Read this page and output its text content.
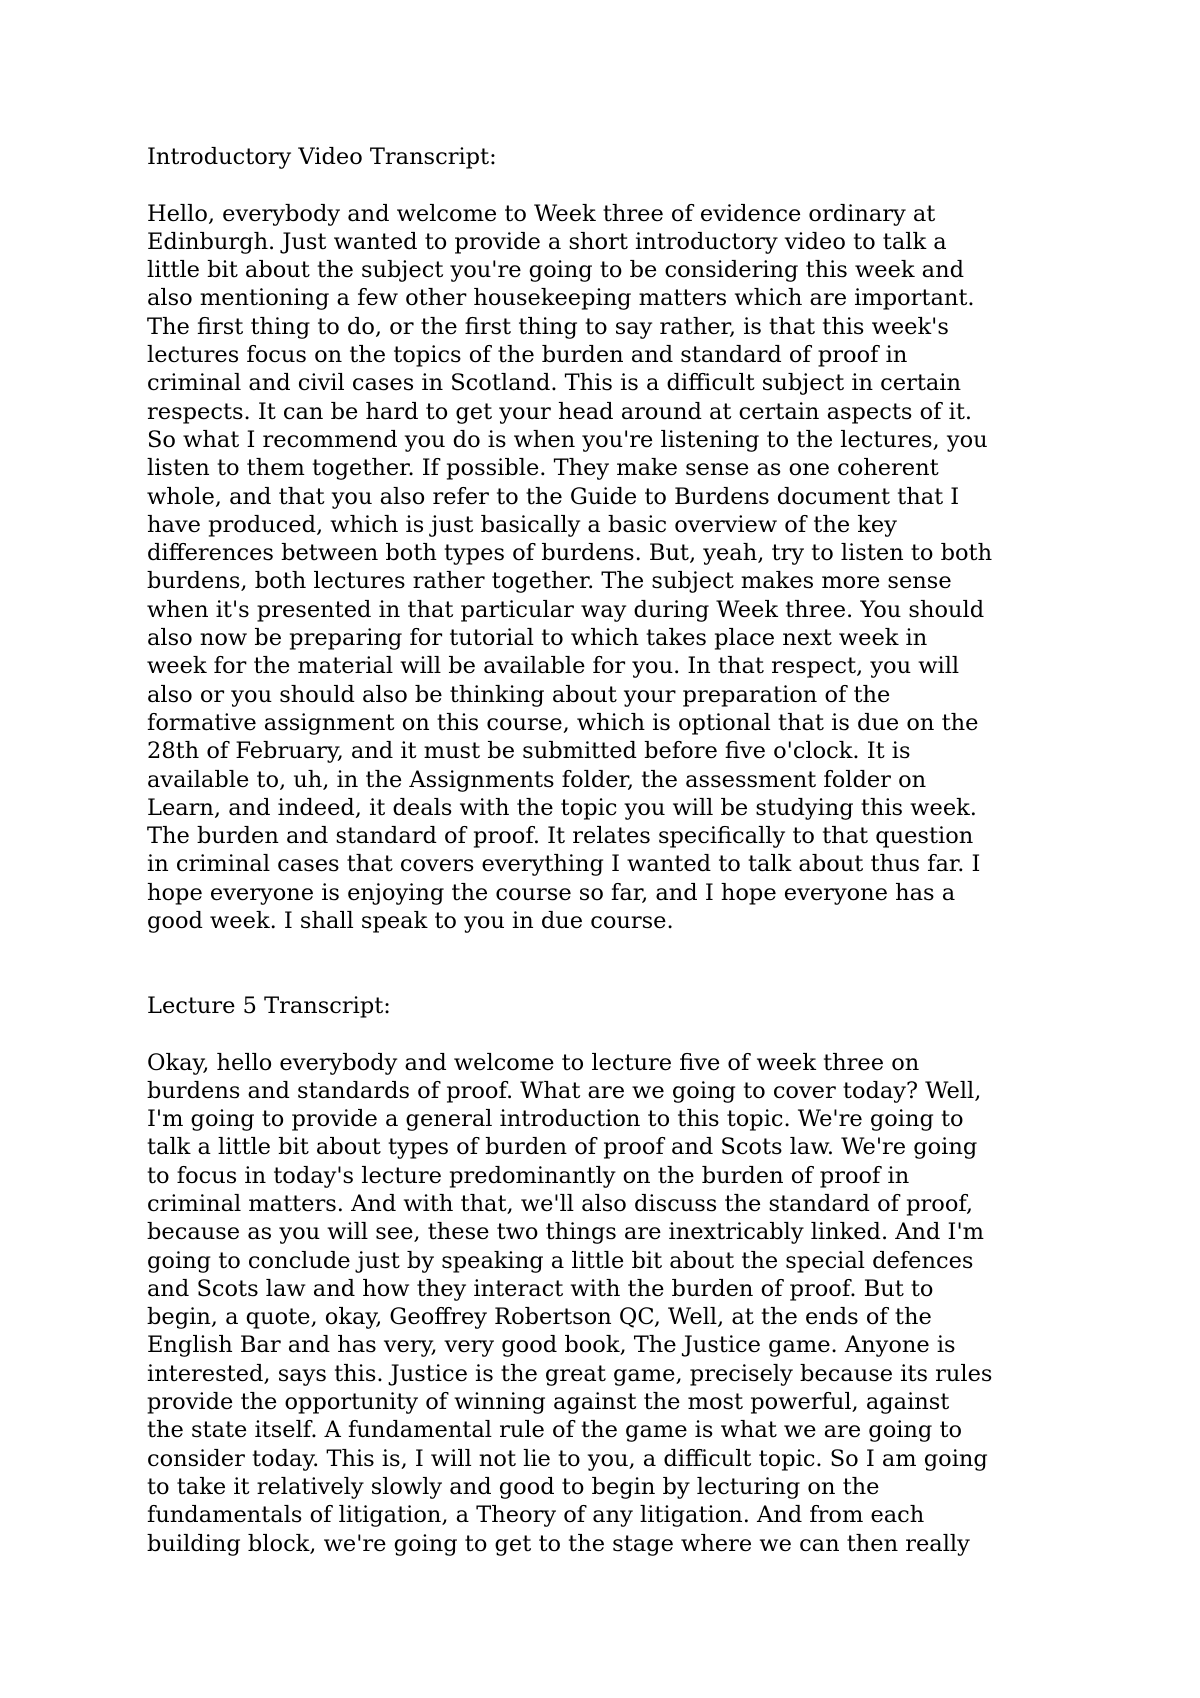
Introductory Video Transcript:
Hello, everybody and welcome to Week three of evidence ordinary at
Edinburgh. Just wanted to provide a short introductory video to talk a
little bit about the subject you're going to be considering this week and
also mentioning a few other housekeeping matters which are important.
The first thing to do, or the first thing to say rather, is that this week's
lectures focus on the topics of the burden and standard of proof in
criminal and civil cases in Scotland. This is a difficult subject in certain
respects. It can be hard to get your head around at certain aspects of it.
So what I recommend you do is when you're listening to the lectures, you
listen to them together. If possible. They make sense as one coherent
whole, and that you also refer to the Guide to Burdens document that I
have produced, which is just basically a basic overview of the key
differences between both types of burdens. But, yeah, try to listen to both
burdens, both lectures rather together. The subject makes more sense
when it's presented in that particular way during Week three. You should
also now be preparing for tutorial to which takes place next week in
week for the material will be available for you. In that respect, you will
also or you should also be thinking about your preparation of the
formative assignment on this course, which is optional that is due on the
28th of February, and it must be submitted before five o'clock. It is
available to, uh, in the Assignments folder, the assessment folder on
Learn, and indeed, it deals with the topic you will be studying this week.
The burden and standard of proof. It relates specifically to that question
in criminal cases that covers everything I wanted to talk about thus far. I
hope everyone is enjoying the course so far, and I hope everyone has a
good week. I shall speak to you in due course.
Lecture 5 Transcript:
Okay, hello everybody and welcome to lecture five of week three on
burdens and standards of proof. What are we going to cover today? Well,
I'm going to provide a general introduction to this topic. We're going to
talk a little bit about types of burden of proof and Scots law. We're going
to focus in today's lecture predominantly on the burden of proof in
criminal matters. And with that, we'll also discuss the standard of proof,
because as you will see, these two things are inextricably linked. And I'm
going to conclude just by speaking a little bit about the special defences
and Scots law and how they interact with the burden of proof. But to
begin, a quote, okay, Geoffrey Robertson QC, Well, at the ends of the
English Bar and has very, very good book, The Justice game. Anyone is
interested, says this. Justice is the great game, precisely because its rules
provide the opportunity of winning against the most powerful, against
the state itself. A fundamental rule of the game is what we are going to
consider today. This is, I will not lie to you, a difficult topic. So I am going
to take it relatively slowly and good to begin by lecturing on the
fundamentals of litigation, a Theory of any litigation. And from each
building block, we're going to get to the stage where we can then really
